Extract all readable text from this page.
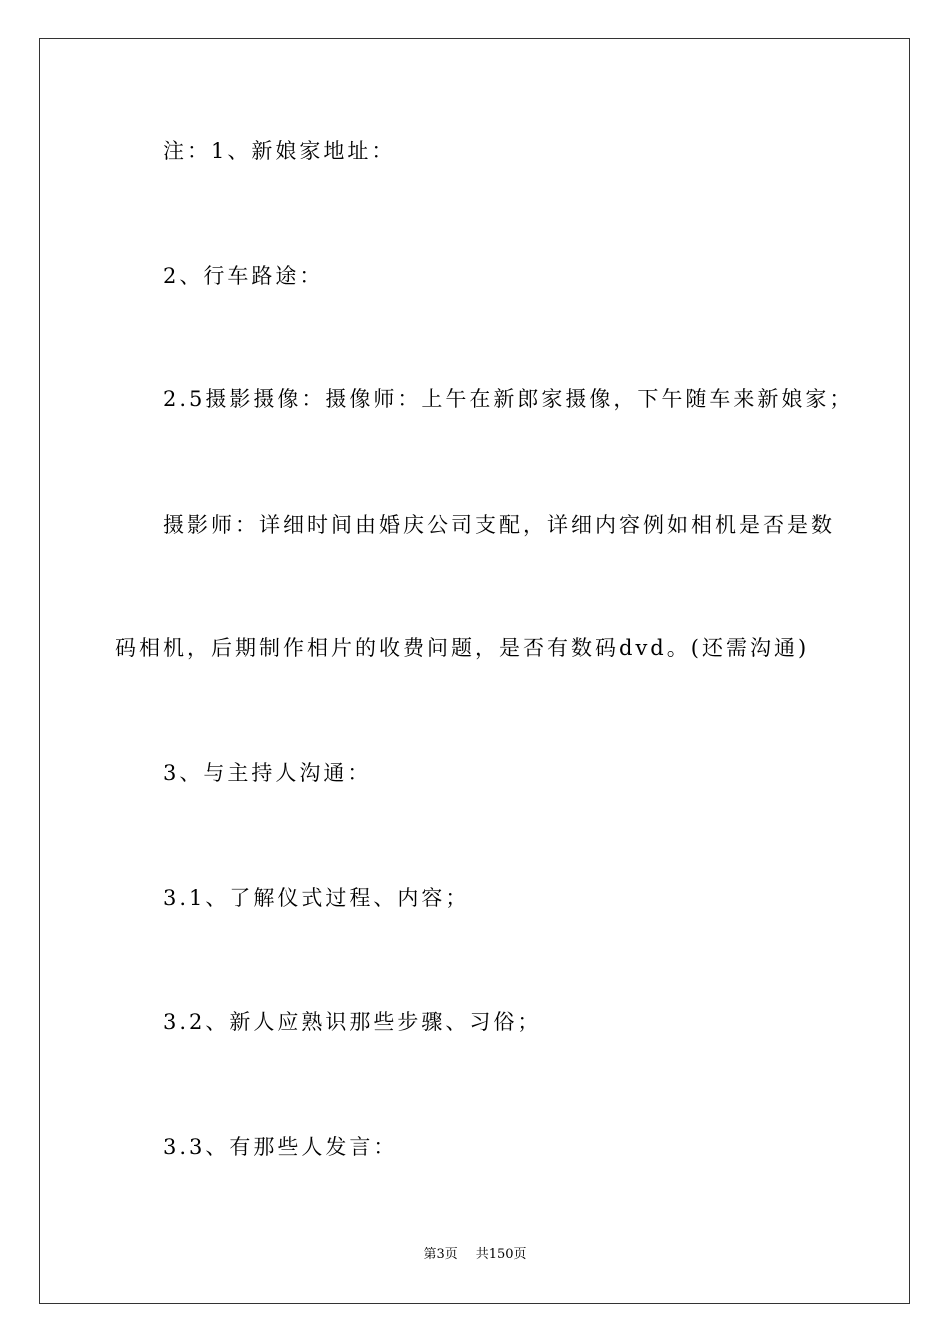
注：1、新娘家地址：
2、行车路途：
2.5摄影摄像：摄像师：上午在新郎家摄像，下午随车来新娘家；
摄影师：详细时间由婚庆公司支配，详细内容例如相机是否是数
码相机，后期制作相片的收费问题，是否有数码dvd。(还需沟通)
3、与主持人沟通：
3.1、了解仪式过程、内容；
3.2、新人应熟识那些步骤、习俗；
3.3、有那些人发言：
第3页 共150页
